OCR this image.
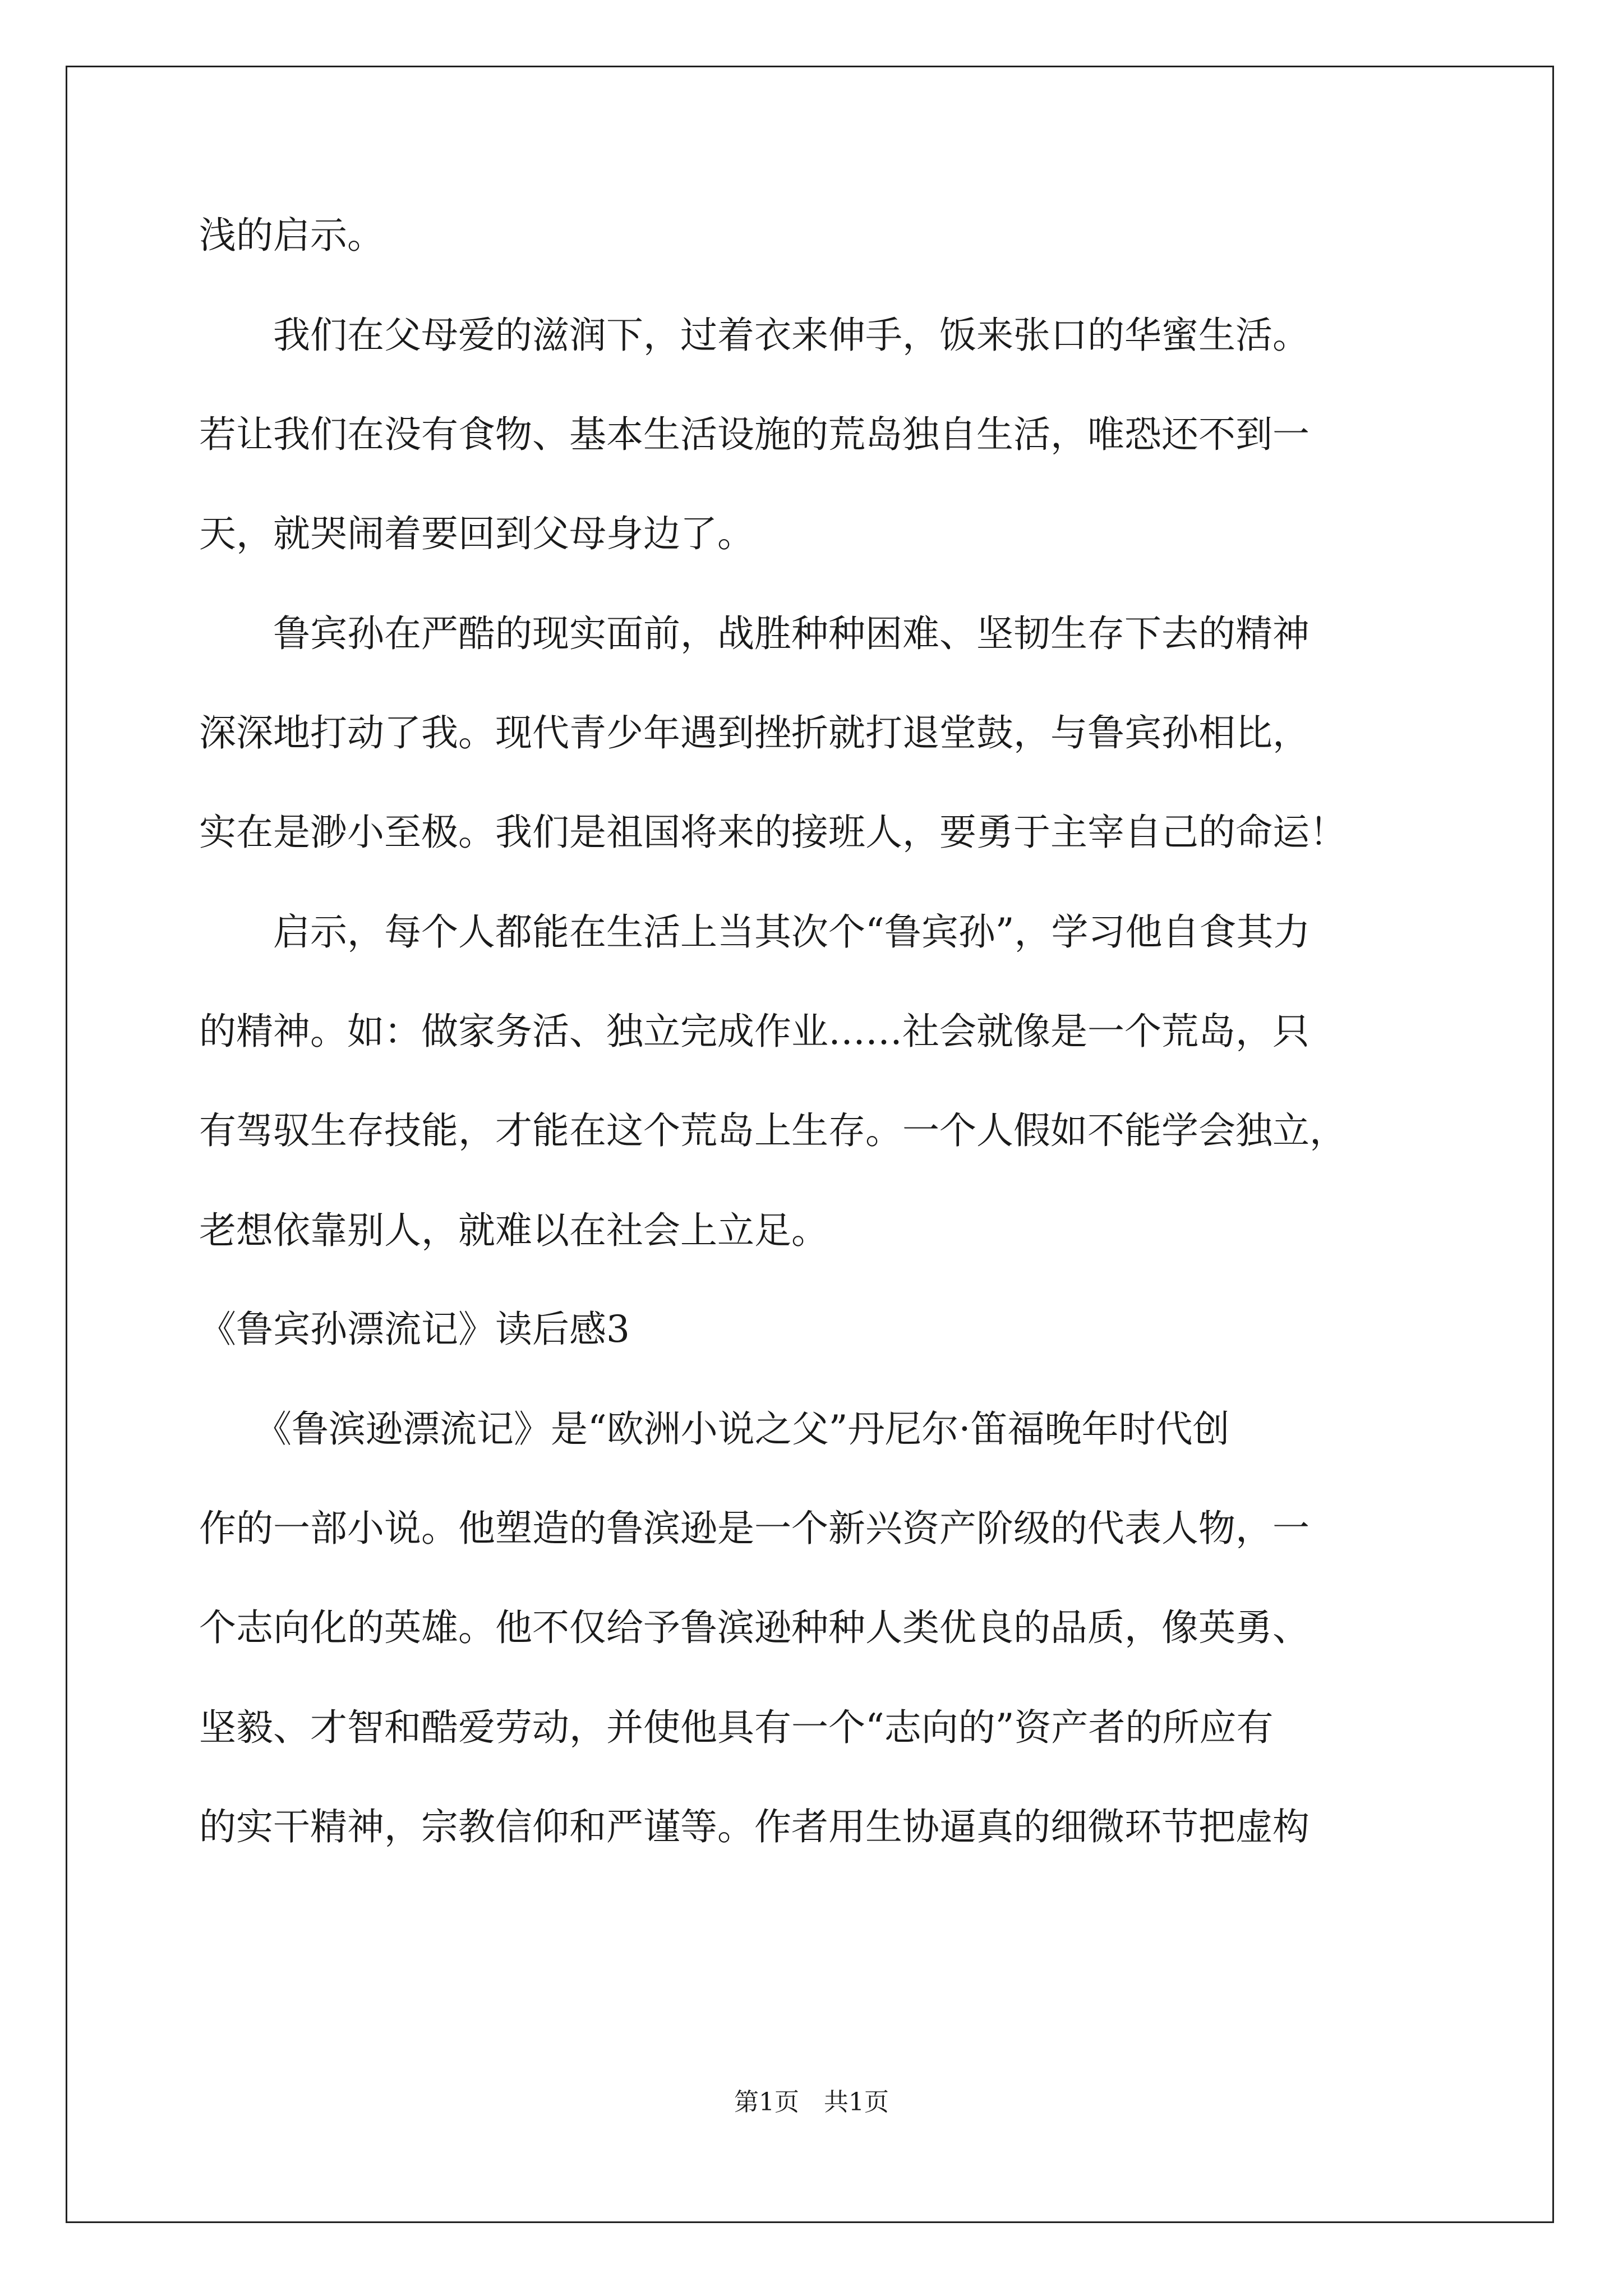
浅的启示。
　　我们在父母爱的滋润下，过着衣来伸手，饭来张口的华蜜生活。
若让我们在没有食物、基本生活设施的荒岛独自生活，唯恐还不到一
天，就哭闹着要回到父母身边了。
　　鲁宾孙在严酷的现实面前，战胜种种困难、坚韧生存下去的精神
深深地打动了我。现代青少年遇到挫折就打退堂鼓，与鲁宾孙相比，
实在是渺小至极。我们是祖国将来的接班人，要勇于主宰自己的命运！
　　启示，每个人都能在生活上当其次个“鲁宾孙”，学习他自食其力
的精神。如：做家务活、独立完成作业……社会就像是一个荒岛，只
有驾驭生存技能，才能在这个荒岛上生存。一个人假如不能学会独立，
老想依靠别人，就难以在社会上立足。
《鲁宾孙漂流记》读后感3
　　《鲁滨逊漂流记》是“欧洲小说之父”丹尼尔·笛福晚年时代创
作的一部小说。他塑造的鲁滨逊是一个新兴资产阶级的代表人物，一
个志向化的英雄。他不仅给予鲁滨逊种种人类优良的品质，像英勇、
坚毅、才智和酷爱劳动，并使他具有一个“志向的”资产者的所应有
的实干精神，宗教信仰和严谨等。作者用生协逼真的细微环节把虚构
第1页　共1页
